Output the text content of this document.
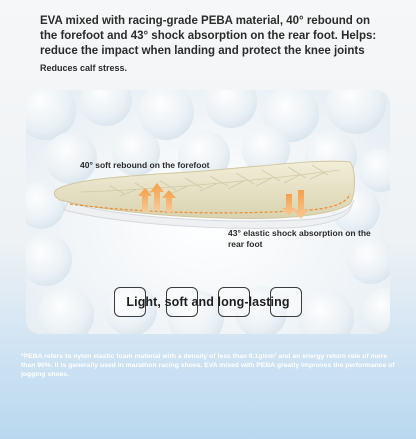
EVA mixed with racing-grade PEBA material, 40° rebound on the forefoot and 43° shock absorption on the rear foot. Helps: reduce the impact when landing and protect the knee joints

Reduces calf stress.

40° soft rebound on the forefoot

43° elastic shock absorption on the rear foot

Light, soft and long-lasting

*PEBA refers to nylon elastic foam material with a density of less than 0.1g/cm² and an energy return rate of more than 90%. It is generally used in marathon racing shoes. EVA mixed with PEBA greatly improves the performance of jogging shoes.
